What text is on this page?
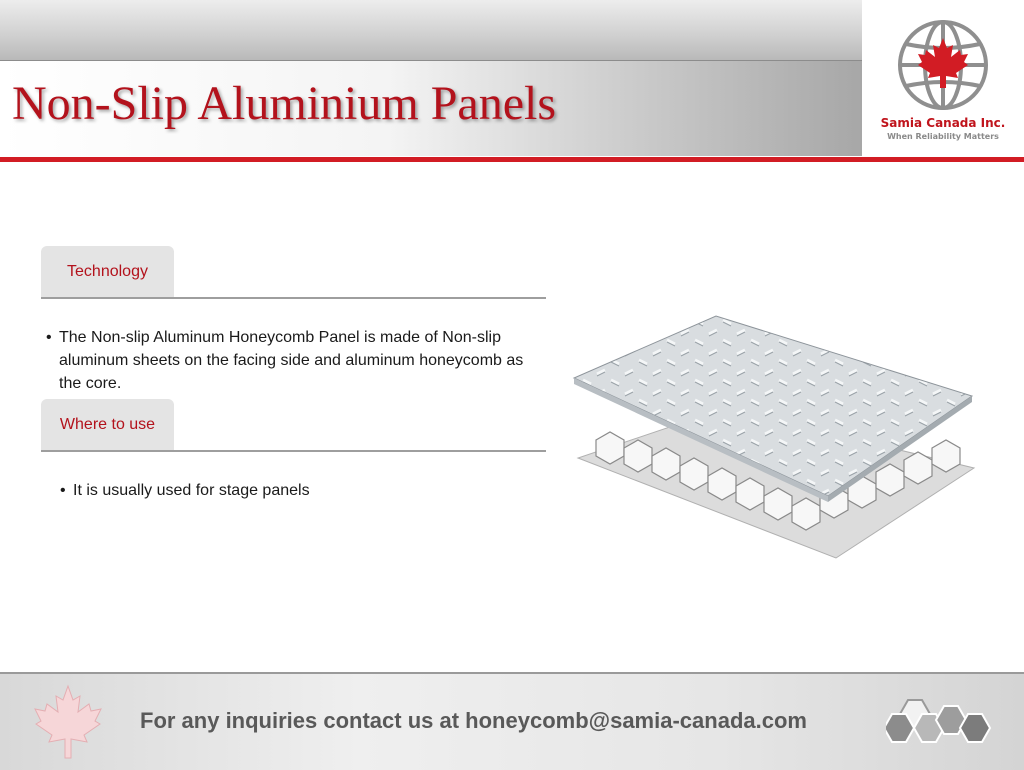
Non-Slip Aluminium Panels	Samia Canada Inc.
When Reliability Matters
Technology
• The Non-slip Aluminum Honeycomb Panel is made of Non-slip aluminum sheets on the facing side and aluminum honeycomb as the core.
Where to use
• It is usually used for stage panels
For any inquiries contact us at honeycomb@samia-canada.com
